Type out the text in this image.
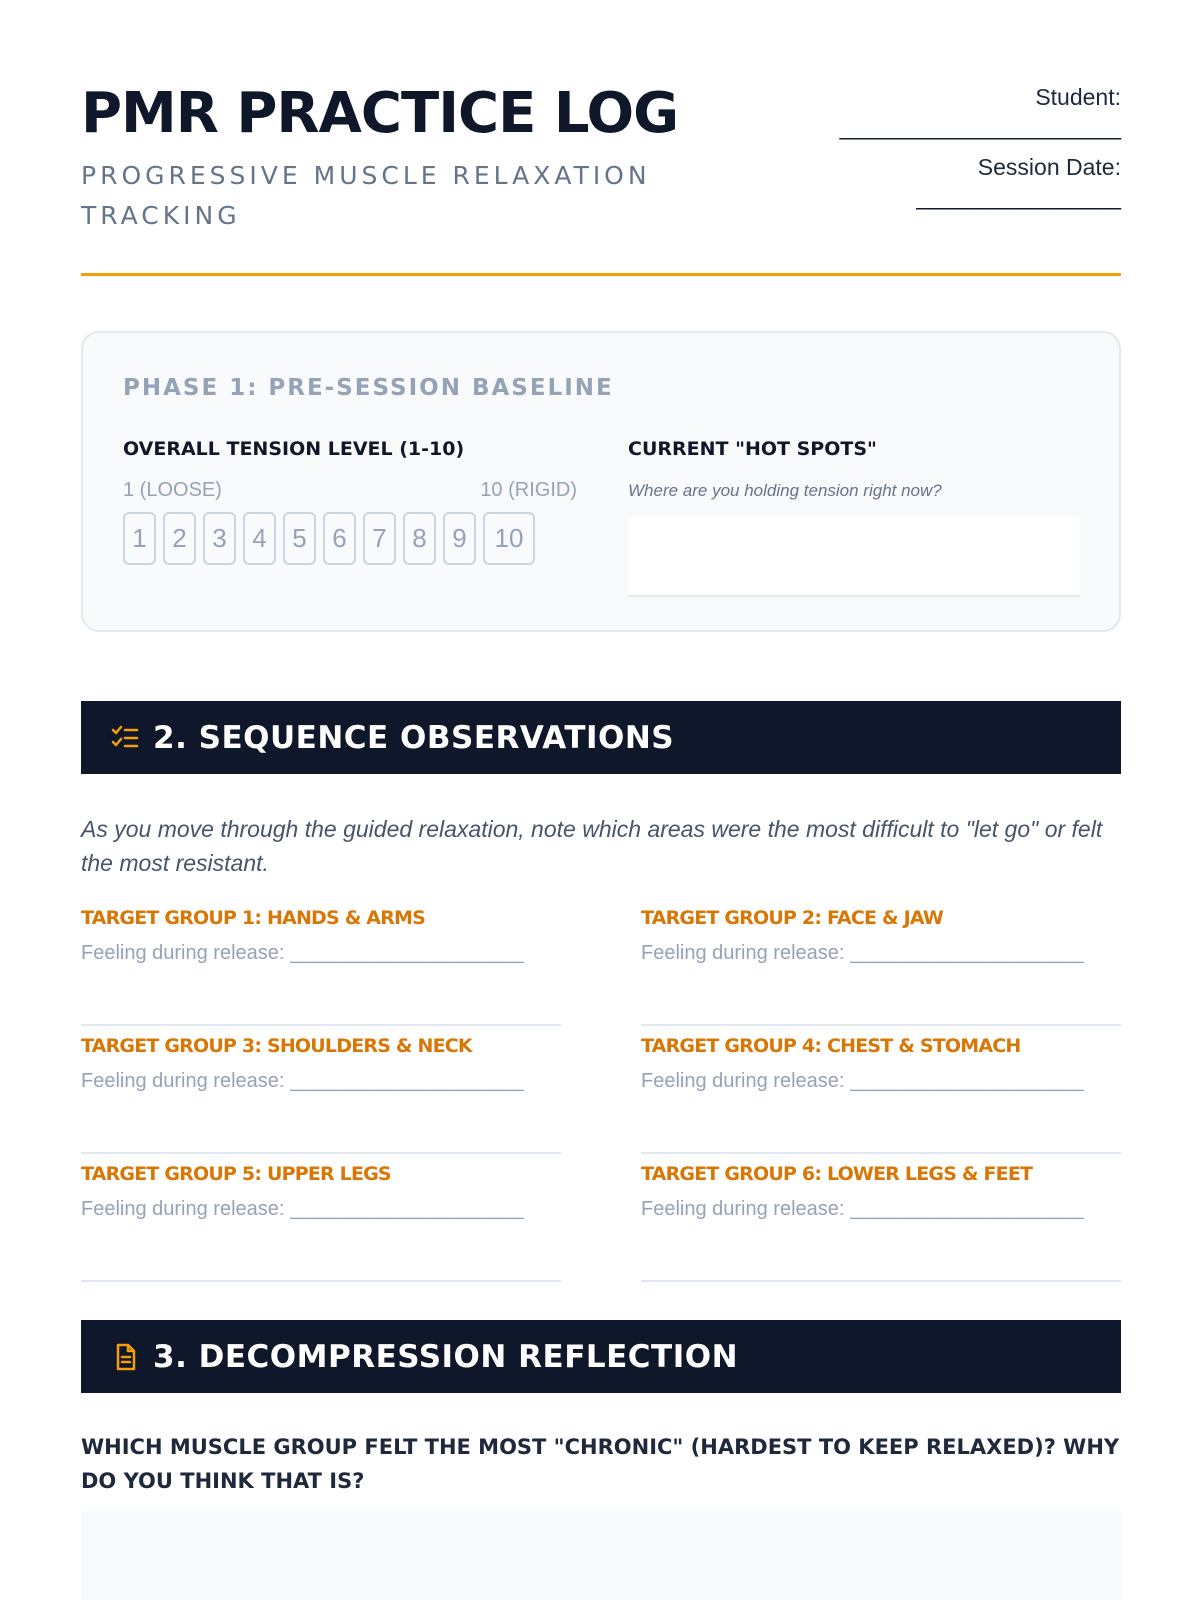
PMR PRACTICE LOG
PROGRESSIVE MUSCLE RELAXATION TRACKING
Student:
______________________
Session Date:
________________
PHASE 1: PRE-SESSION BASELINE
OVERALL TENSION LEVEL (1-10)
1 (LOOSE)	10 (RIGID)
1 2 3 4 5 6 7 8 9	10
CURRENT "HOT SPOTS"
Where are you holding tension right now?
2. SEQUENCE OBSERVATIONS
As you move through the guided relaxation, note which areas were the most difficult to "let go" or felt the most resistant.
TARGET GROUP 1: HANDS & ARMS
Feeling during release: _____________________
TARGET GROUP 2: FACE & JAW
Feeling during release: _____________________
TARGET GROUP 3: SHOULDERS & NECK
Feeling during release: _____________________
TARGET GROUP 4: CHEST & STOMACH
Feeling during release: _____________________
TARGET GROUP 5: UPPER LEGS
Feeling during release: _____________________
TARGET GROUP 6: LOWER LEGS & FEET
Feeling during release: _____________________
3. DECOMPRESSION REFLECTION
WHICH MUSCLE GROUP FELT THE MOST "CHRONIC" (HARDEST TO KEEP RELAXED)? WHY DO YOU THINK THAT IS?
